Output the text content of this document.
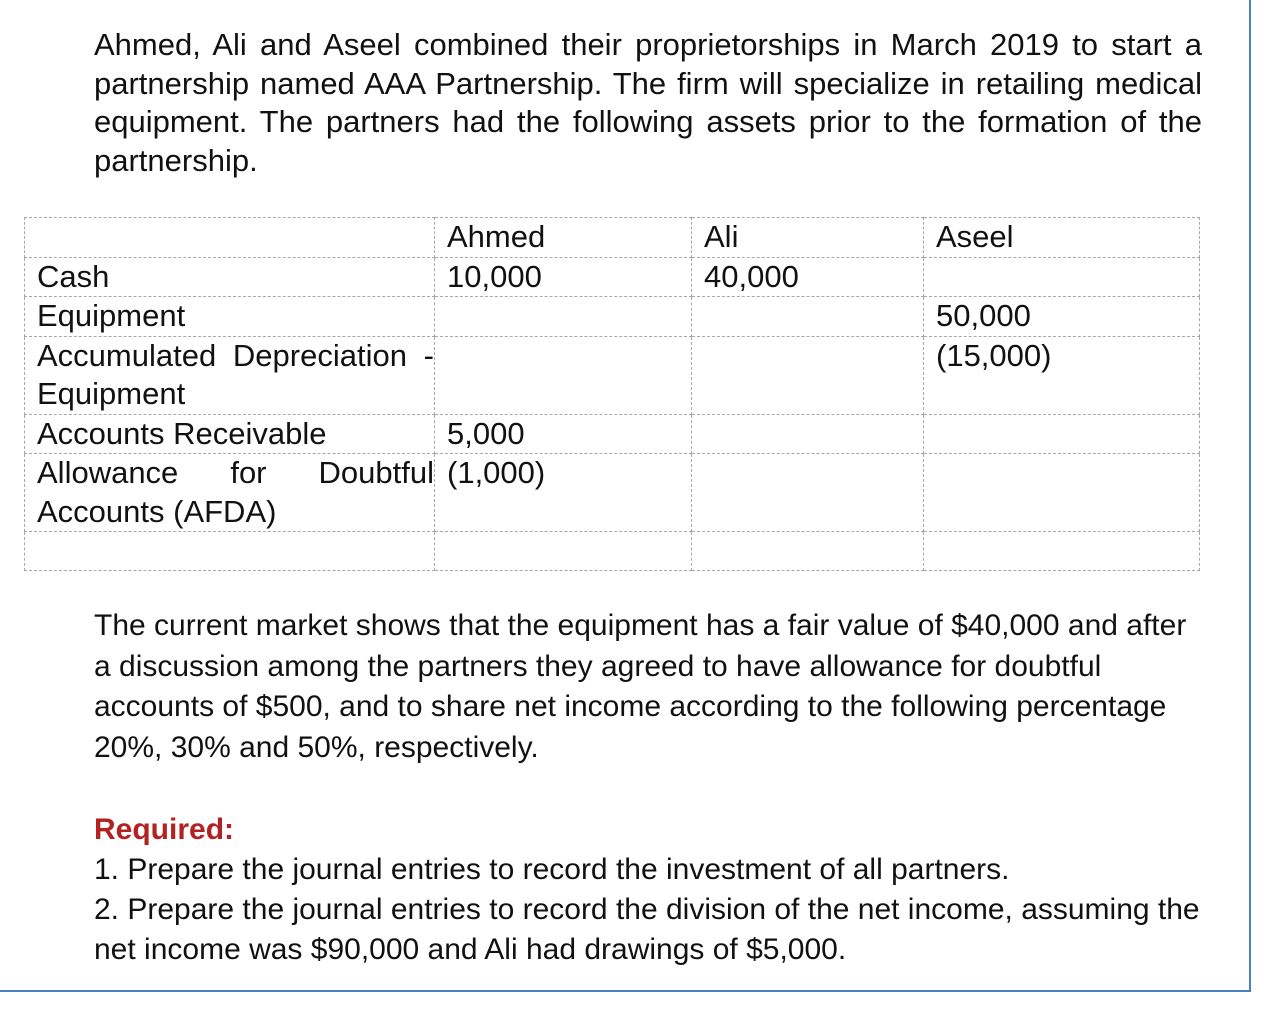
Ahmed, Ali and Aseel combined their proprietorships in March 2019 to start a partnership named AAA Partnership. The firm will specialize in retailing medical equipment. The partners had the following assets prior to the formation of the partnership.

	Ahmed	Ali	Aseel
Cash	10,000	40,000	
Equipment			50,000
Accumulated Depreciation - Equipment			(15,000)
Accounts Receivable	5,000		
Allowance for Doubtful Accounts (AFDA)	(1,000)		

The current market shows that the equipment has a fair value of $40,000 and after a discussion among the partners they agreed to have allowance for doubtful accounts of $500, and to share net income according to the following percentage 20%, 30% and 50%, respectively.

Required:

1. Prepare the journal entries to record the investment of all partners.

2. Prepare the journal entries to record the division of the net income, assuming the net income was $90,000 and Ali had drawings of $5,000.
